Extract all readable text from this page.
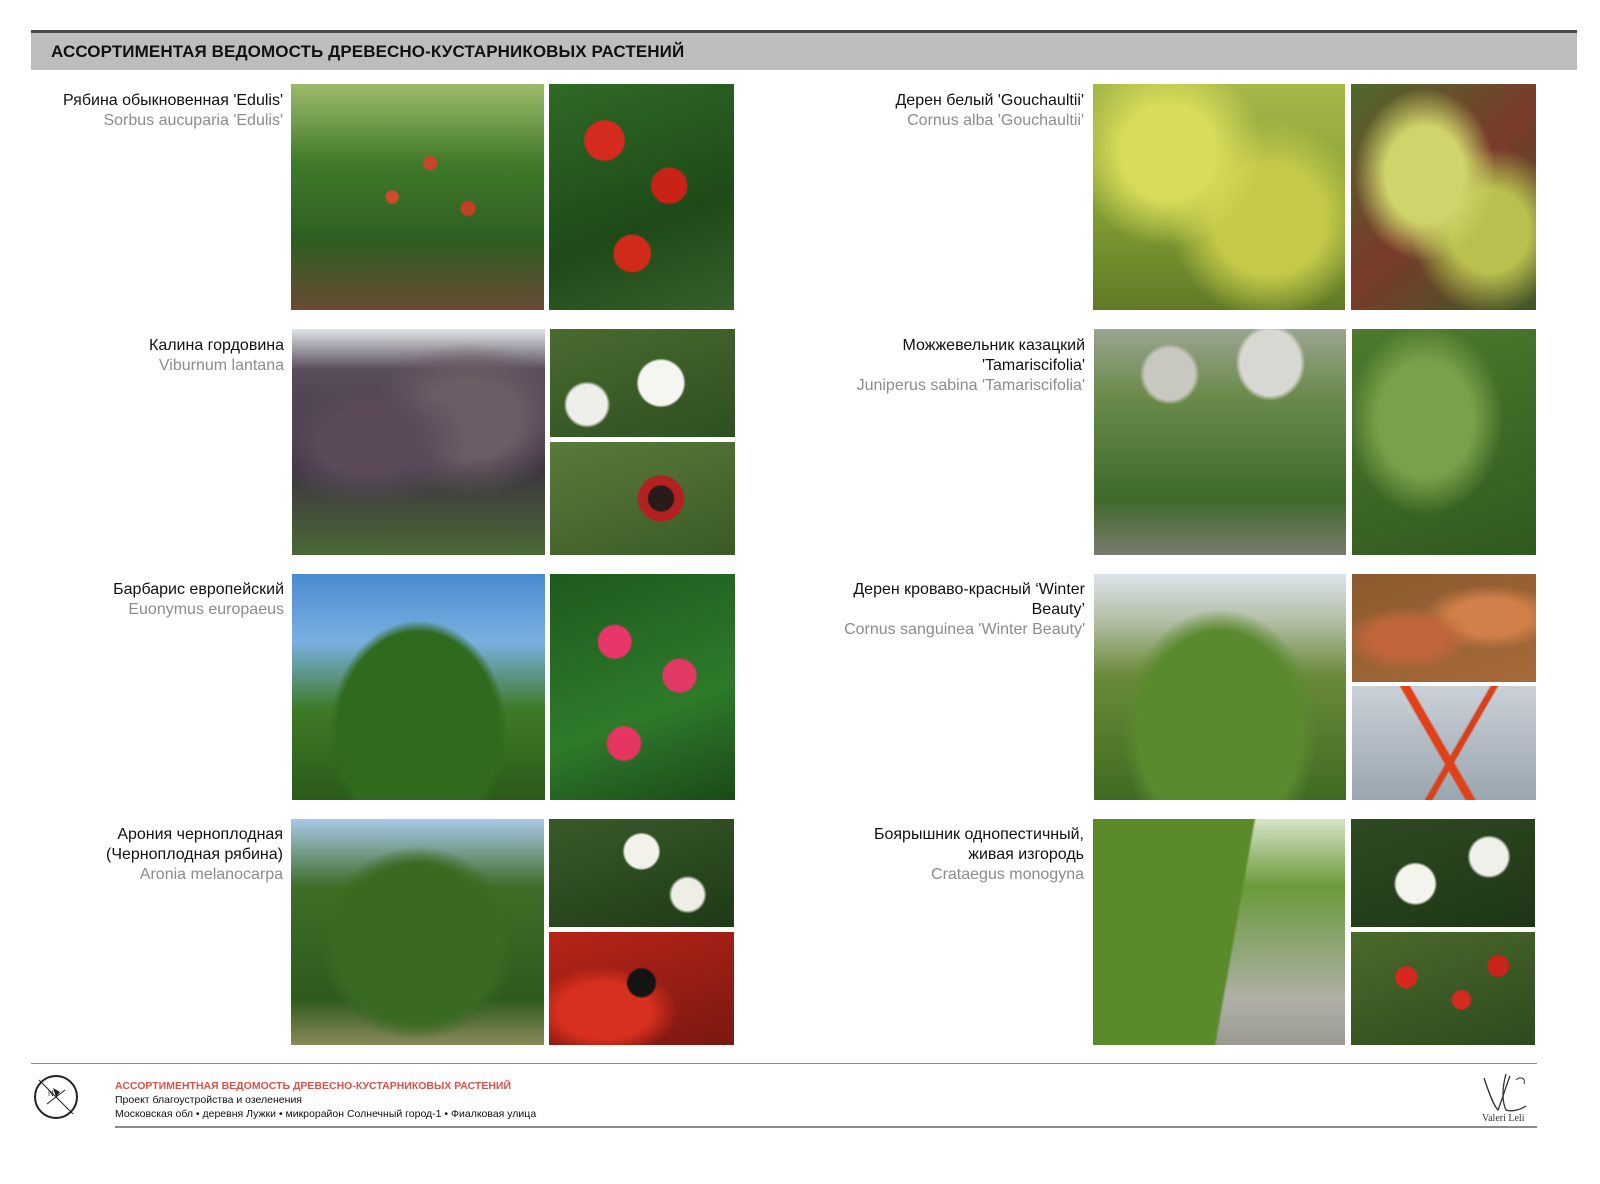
АССОРТИМЕНТАЯ ВЕДОМОСТЬ ДРЕВЕСНО-КУСТАРНИКОВЫХ РАСТЕНИЙ
Рябина обыкновенная 'Edulis'
Sorbus aucuparia 'Edulis'
Дерен белый 'Gouchaultii'
Cornus alba 'Gouchaultii'
Калина гордовина
Viburnum lantana
Можжевельник казацкий
'Tamariscifolia'
Juniperus sabina 'Tamariscifolia'
Барбарис европейский
Euonymus europaeus
Дерен кроваво-красный ‘Winter
Beauty’
Cornus sanguinea 'Winter Beauty'
Арония черноплодная
(Черноплодная рябина)
Aronia melanocarpa
Боярышник однопестичный,
живая изгородь
Crataegus monogyna
N
АССОРТИМЕНТНАЯ ВЕДОМОСТЬ ДРЕВЕСНО-КУСТАРНИКОВЫХ РАСТЕНИЙ
Проект благоустройства и озеленения
Московская обл • деревня Лужки • микрорайон Солнечный город-1 • Фиалковая улица	Valeri Leli
